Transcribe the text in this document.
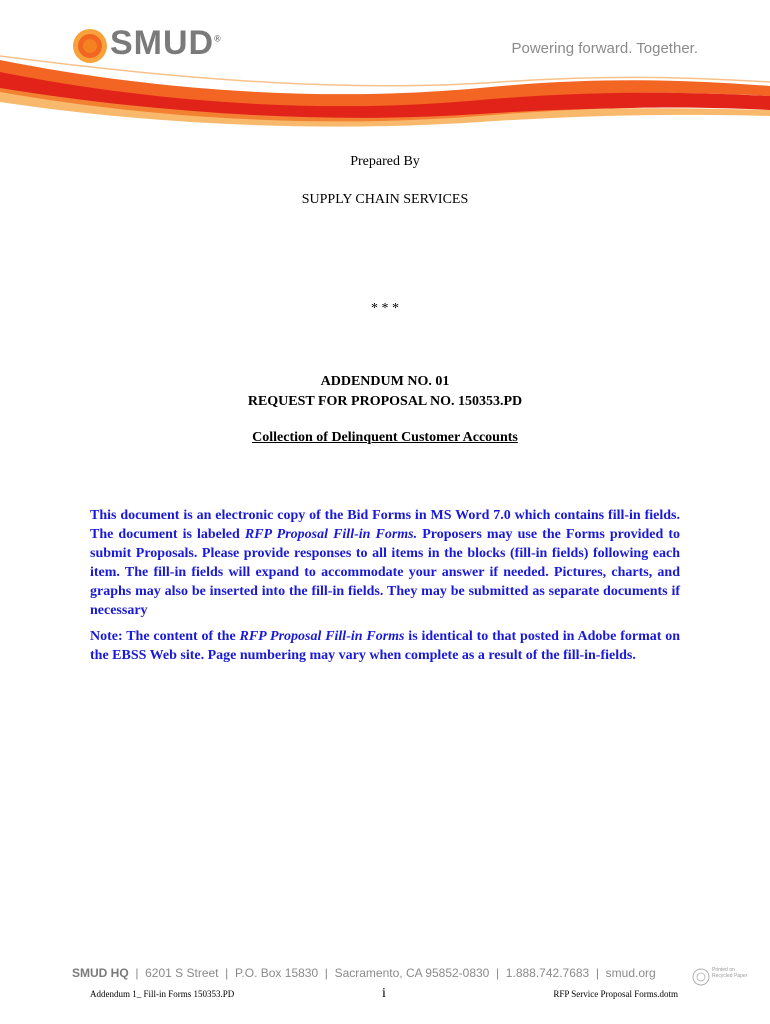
SMUD®
Powering forward. Together.
Prepared By
SUPPLY CHAIN SERVICES
* * *
ADDENDUM NO. 01
REQUEST FOR PROPOSAL NO. 150353.PD
Collection of Delinquent Customer Accounts

This document is an electronic copy of the Bid Forms in MS Word 7.0 which contains fill-in fields. The document is labeled RFP Proposal Fill-in Forms. Proposers may use the Forms provided to submit Proposals. Please provide responses to all items in the blocks (fill-in fields) following each item. The fill-in fields will expand to accommodate your answer if needed. Pictures, charts, and graphs may also be inserted into the fill-in fields. They may be submitted as separate documents if necessary

Note: The content of the RFP Proposal Fill-in Forms is identical to that posted in Adobe format on the EBSS Web site. Page numbering may vary when complete as a result of the fill-in-fields.

SMUD HQ  |  6201 S Street  |  P.O. Box 15830  |  Sacramento, CA 95852-0830  |  1.888.742.7683  |  smud.org	Printed on Recycled Paper
Addendum 1_ Fill-in Forms 150353.PD	i	RFP Service Proposal Forms.dotm
